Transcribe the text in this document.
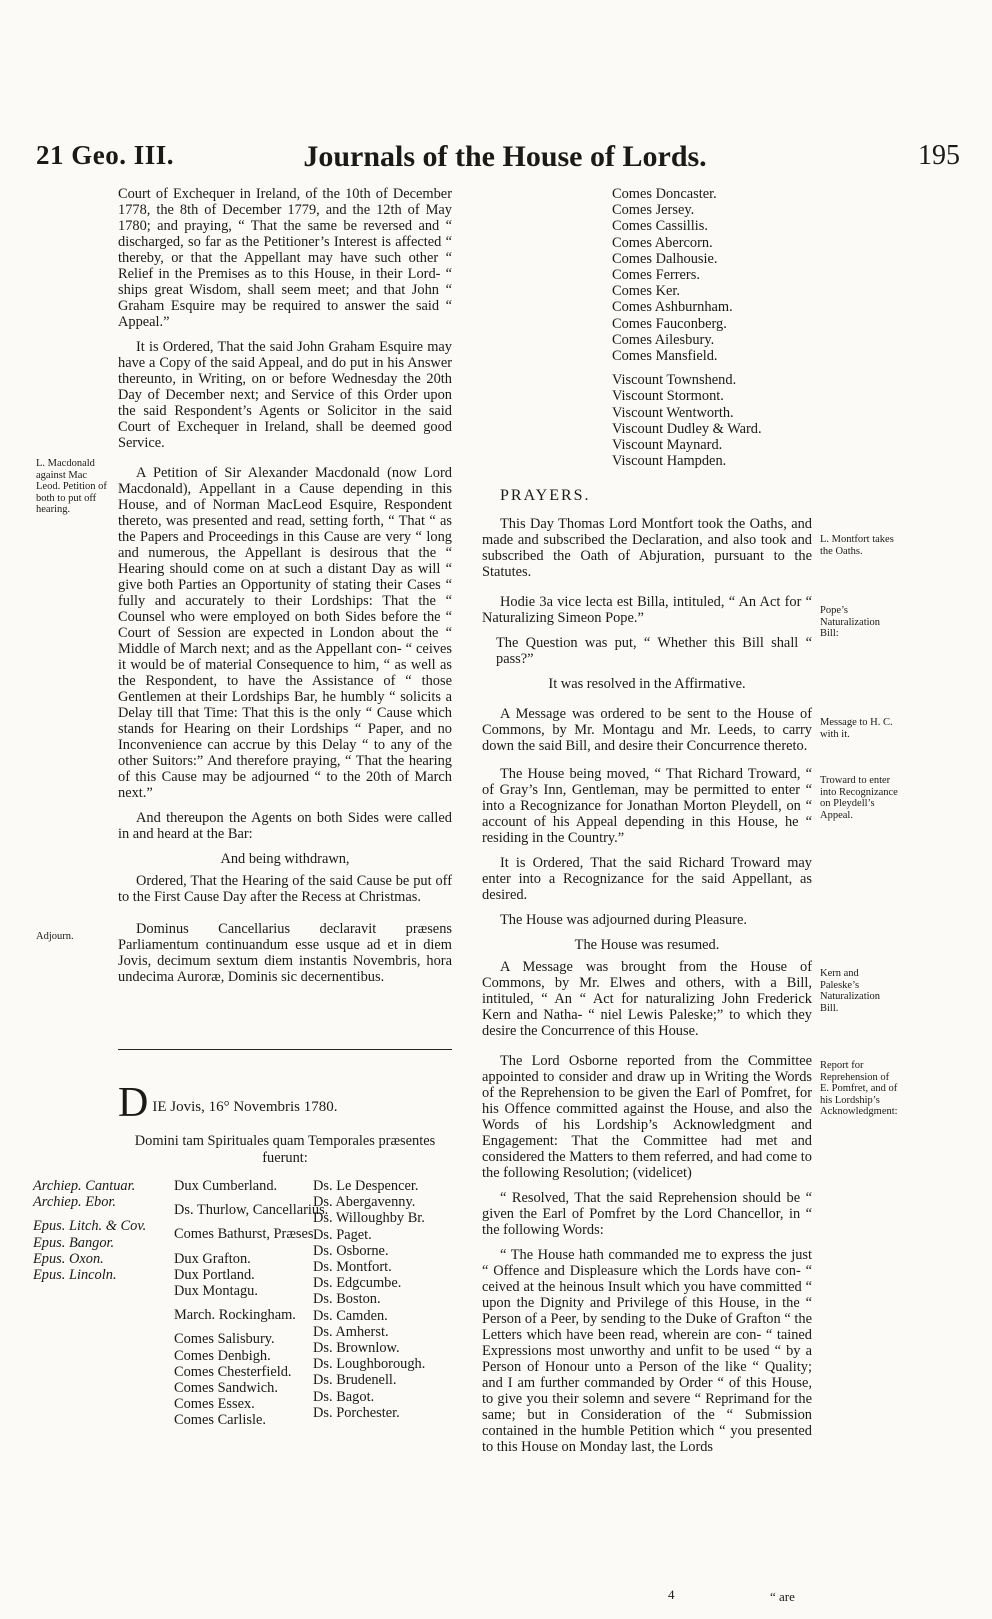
21 Geo. III.	Journals of the House of Lords.	195
L. Macdonald against Mac Leod. Petition of both to put off hearing.
Adjourn.

Court of Exchequer in Ireland, of the 10th of December 1778, the 8th of December 1779, and the 12th of May 1780; and praying, “ That the same be reversed and “ discharged, so far as the Petitioner’s Interest is affected “ thereby, or that the Appellant may have such other “ Relief in the Premises as to this House, in their Lord- “ ships great Wisdom, shall seem meet; and that John “ Graham Esquire may be required to answer the said “ Appeal.”

It is Ordered, That the said John Graham Esquire may have a Copy of the said Appeal, and do put in his Answer thereunto, in Writing, on or before Wednesday the 20th Day of December next; and Service of this Order upon the said Respondent’s Agents or Solicitor in the said Court of Exchequer in Ireland, shall be deemed good Service.

A Petition of Sir Alexander Macdonald (now Lord Macdonald), Appellant in a Cause depending in this House, and of Norman MacLeod Esquire, Respondent thereto, was presented and read, setting forth, “ That “ as the Papers and Proceedings in this Cause are very “ long and numerous, the Appellant is desirous that the “ Hearing should come on at such a distant Day as will “ give both Parties an Opportunity of stating their Cases “ fully and accurately to their Lordships: That the “ Counsel who were employed on both Sides before the “ Court of Session are expected in London about the “ Middle of March next; and as the Appellant con- “ ceives it would be of material Consequence to him, “ as well as the Respondent, to have the Assistance of “ those Gentlemen at their Lordships Bar, he humbly “ solicits a Delay till that Time: That this is the only “ Cause which stands for Hearing on their Lordships “ Paper, and no Inconvenience can accrue by this Delay “ to any of the other Suitors:” And therefore praying, “ That the hearing of this Cause may be adjourned “ to the 20th of March next.”

And thereupon the Agents on both Sides were called in and heard at the Bar:

And being withdrawn,

Ordered, That the Hearing of the said Cause be put off to the First Cause Day after the Recess at Christmas.

Dominus Cancellarius declaravit præsens Parliamentum continuandum esse usque ad et in diem Jovis, decimum sextum diem instantis Novembris, hora undecima Auroræ, Dominis sic decernentibus.

D IE Jovis, 16° Novembris 1780.
Domini tam Spirituales quam Temporales præsentes fuerunt:
Archiep. Cantuar.
Archiep. Ebor.
Epus. Litch. & Cov.
Epus. Bangor.
Epus. Oxon.
Epus. Lincoln.
Dux Cumberland.
Ds. Thurlow, Cancellarius.
Comes Bathurst, Præses.
Dux Grafton.
Dux Portland.
Dux Montagu.
March. Rockingham.
Comes Salisbury.
Comes Denbigh.
Comes Chesterfield.
Comes Sandwich.
Comes Essex.
Comes Carlisle.
Ds. Le Despencer.
Ds. Abergavenny.
Ds. Willoughby Br.
Ds. Paget.
Ds. Osborne.
Ds. Montfort.
Ds. Edgcumbe.
Ds. Boston.
Ds. Camden.
Ds. Amherst.
Ds. Brownlow.
Ds. Loughborough.
Ds. Brudenell.
Ds. Bagot.
Ds. Porchester.
Comes Doncaster.
Comes Jersey.
Comes Cassillis.
Comes Abercorn.
Comes Dalhousie.
Comes Ferrers.
Comes Ker.
Comes Ashburnham.
Comes Fauconberg.
Comes Ailesbury.
Comes Mansfield.
Viscount Townshend.
Viscount Stormont.
Viscount Wentworth.
Viscount Dudley & Ward.
Viscount Maynard.
Viscount Hampden.

PRAYERS.

This Day Thomas Lord Montfort took the Oaths, and made and subscribed the Declaration, and also took and subscribed the Oath of Abjuration, pursuant to the Statutes.

Hodie 3a vice lecta est Billa, intituled, “ An Act for “ Naturalizing Simeon Pope.”

The Question was put, “ Whether this Bill shall “ pass?”

It was resolved in the Affirmative.

A Message was ordered to be sent to the House of Commons, by Mr. Montagu and Mr. Leeds, to carry down the said Bill, and desire their Concurrence thereto.

The House being moved, “ That Richard Troward, “ of Gray’s Inn, Gentleman, may be permitted to enter “ into a Recognizance for Jonathan Morton Pleydell, on “ account of his Appeal depending in this House, he “ residing in the Country.”

It is Ordered, That the said Richard Troward may enter into a Recognizance for the said Appellant, as desired.

The House was adjourned during Pleasure.

The House was resumed.

A Message was brought from the House of Commons, by Mr. Elwes and others, with a Bill, intituled, “ An “ Act for naturalizing John Frederick Kern and Natha- “ niel Lewis Paleske;” to which they desire the Concurrence of this House.

The Lord Osborne reported from the Committee appointed to consider and draw up in Writing the Words of the Reprehension to be given the Earl of Pomfret, for his Offence committed against the House, and also the Words of his Lordship’s Acknowledgment and Engagement: That the Committee had met and considered the Matters to them referred, and had come to the following Resolution; (videlicet)

“ Resolved, That the said Reprehension should be “ given the Earl of Pomfret by the Lord Chancellor, in “ the following Words:

“ The House hath commanded me to express the just “ Offence and Displeasure which the Lords have con- “ ceived at the heinous Insult which you have committed “ upon the Dignity and Privilege of this House, in the “ Person of a Peer, by sending to the Duke of Grafton “ the Letters which have been read, wherein are con- “ tained Expressions most unworthy and unfit to be used “ by a Person of Honour unto a Person of the like “ Quality; and I am further commanded by Order “ of this House, to give you their solemn and severe “ Reprimand for the same; but in Consideration of the “ Submission contained in the humble Petition which “ you presented to this House on Monday last, the Lords

4	“ are
L. Montfort takes the Oaths.
Pope’s Naturalization Bill:
Message to H. C. with it.
Troward to enter into Recognizance on Pleydell’s Appeal.
Kern and Paleske’s Naturalization Bill.
Report for Reprehension of E. Pomfret, and of his Lordship’s Acknowledgment:
